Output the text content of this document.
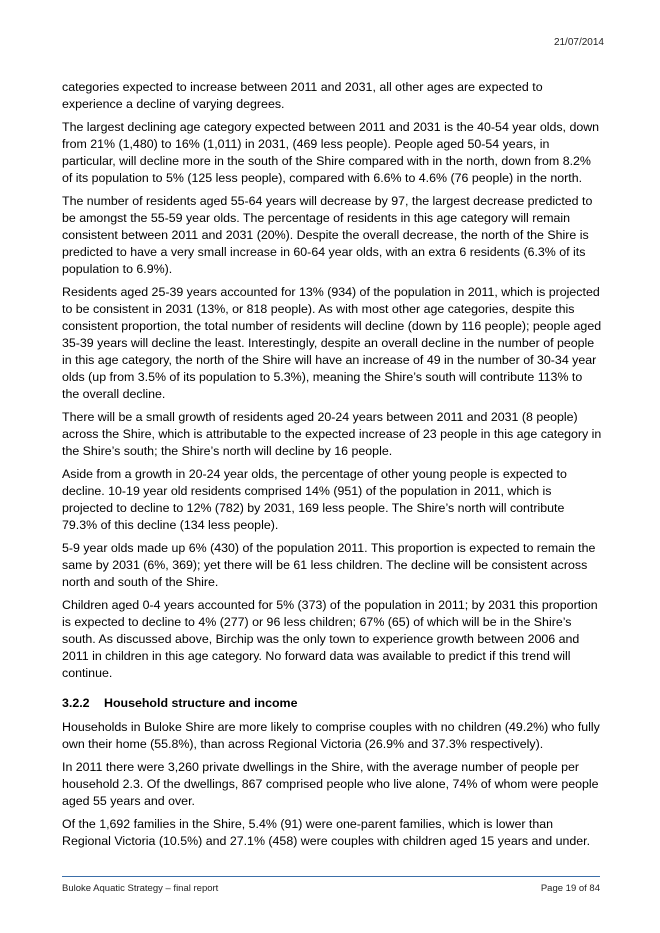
21/07/2014

categories expected to increase between 2011 and 2031, all other ages are expected to experience a decline of varying degrees.

The largest declining age category expected between 2011 and 2031 is the 40-54 year olds, down from 21% (1,480) to 16% (1,011) in 2031, (469 less people). People aged 50-54 years, in particular, will decline more in the south of the Shire compared with in the north, down from 8.2% of its population to 5% (125 less people), compared with 6.6% to 4.6% (76 people) in the north.

The number of residents aged 55-64 years will decrease by 97, the largest decrease predicted to be amongst the 55-59 year olds. The percentage of residents in this age category will remain consistent between 2011 and 2031 (20%). Despite the overall decrease, the north of the Shire is predicted to have a very small increase in 60-64 year olds, with an extra 6 residents (6.3% of its population to 6.9%).

Residents aged 25-39 years accounted for 13% (934) of the population in 2011, which is projected to be consistent in 2031 (13%, or 818 people). As with most other age categories, despite this consistent proportion, the total number of residents will decline (down by 116 people); people aged 35-39 years will decline the least. Interestingly, despite an overall decline in the number of people in this age category, the north of the Shire will have an increase of 49 in the number of 30-34 year olds (up from 3.5% of its population to 5.3%), meaning the Shire’s south will contribute 113% to the overall decline.

There will be a small growth of residents aged 20-24 years between 2011 and 2031 (8 people) across the Shire, which is attributable to the expected increase of 23 people in this age category in the Shire’s south; the Shire’s north will decline by 16 people.

Aside from a growth in 20-24 year olds, the percentage of other young people is expected to decline. 10-19 year old residents comprised 14% (951) of the population in 2011, which is projected to decline to 12% (782) by 2031, 169 less people. The Shire’s north will contribute 79.3% of this decline (134 less people).

5-9 year olds made up 6% (430) of the population 2011. This proportion is expected to remain the same by 2031 (6%, 369); yet there will be 61 less children. The decline will be consistent across north and south of the Shire.

Children aged 0-4 years accounted for 5% (373) of the population in 2011; by 2031 this proportion is expected to decline to 4% (277) or 96 less children; 67% (65) of which will be in the Shire’s south. As discussed above, Birchip was the only town to experience growth between 2006 and 2011 in children in this age category. No forward data was available to predict if this trend will continue.

3.2.2 Household structure and income

Households in Buloke Shire are more likely to comprise couples with no children (49.2%) who fully own their home (55.8%), than across Regional Victoria (26.9% and 37.3% respectively).

In 2011 there were 3,260 private dwellings in the Shire, with the average number of people per household 2.3. Of the dwellings, 867 comprised people who live alone, 74% of whom were people aged 55 years and over.

Of the 1,692 families in the Shire, 5.4% (91) were one-parent families, which is lower than Regional Victoria (10.5%) and 27.1% (458) were couples with children aged 15 years and under.

Buloke Aquatic Strategy – final report	Page 19 of 84
